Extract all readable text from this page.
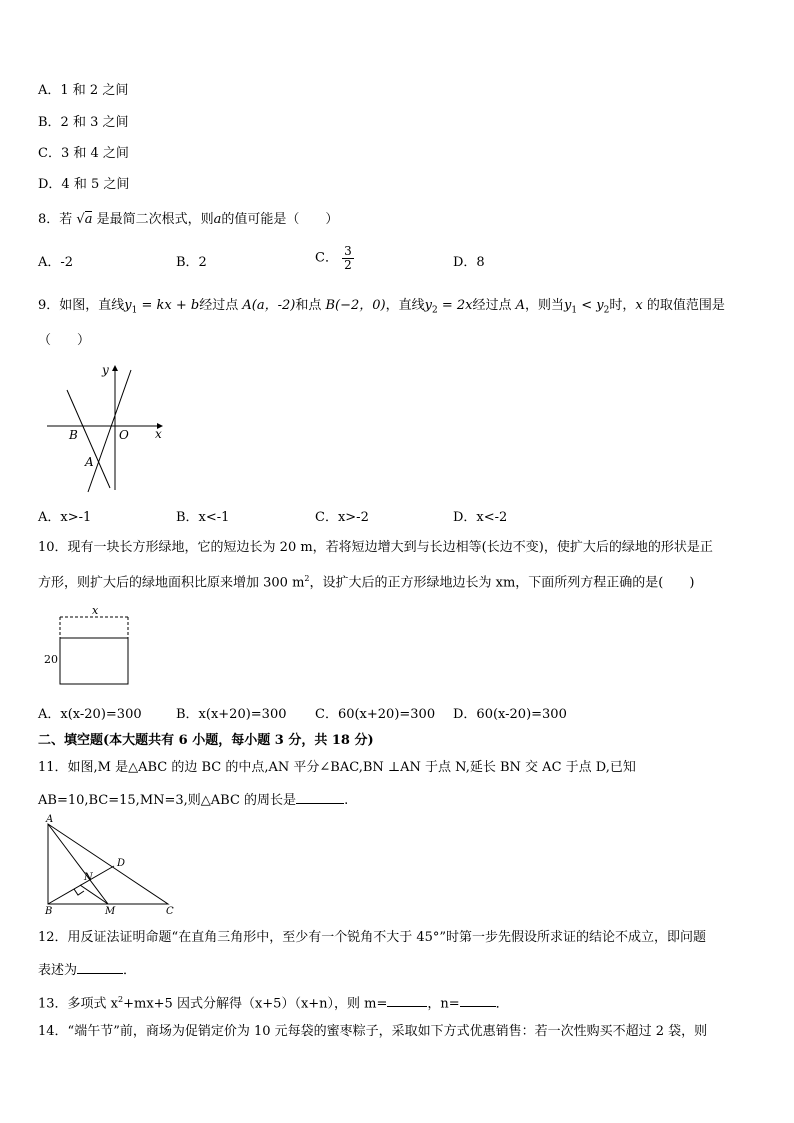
A．1 和 2 之间
B．2 和 3 之间
C．3 和 4 之间
D．4 和 5 之间
8．若 √a 是最简二次根式，则a的值可能是（　　）
A．-2	B．2	C． $\frac{3}{2}$	D．8
9．如图，直线$y_1$ = kx + b经过点 A(a，-2)和点 B(−2，0)，直线$y_2 = 2x$经过点 A，则当$y_1 < y_2$时，x 的取值范围是
（　　）
y
x
O
B
A
A．x>-1	B．x<-1	C．x>-2	D．x<-2
10．现有一块长方形绿地，它的短边长为 20 m，若将短边增大到与长边相等(长边不变)，使扩大后的绿地的形状是正
方形，则扩大后的绿地面积比原来增加 300 $m^2$，设扩大后的正方形绿地边长为 xm，下面所列方程正确的是(　　)
x
20
A．x(x-20)=300	B．x(x+20)=300 C．60(x+20)=300 D．60(x-20)=300
二、填空题(本大题共有 6 小题，每小题 3 分，共 18 分)
11．如图,M 是△ABC 的边 BC 的中点,AN 平分∠BAC,BN ⊥AN 于点 N,延长 BN 交 AC 于点 D,已知
AB=10,BC=15,MN=3,则△ABC 的周长是	.
A
B	C
D
N
M
12．用反证法证明命题“在直角三角形中，至少有一个锐角不大于 45°”时第一步先假设所求证的结论不成立，即问题
表述为	．
13．多项式 $x^2+mx+5$ 因式分解得（x+5）（x+n），则 m=	，n=	．
14．“端午节”前，商场为促销定价为 10 元每袋的蜜枣粽子，采取如下方式优惠销售：若一次性购买不超过 2 袋，则
